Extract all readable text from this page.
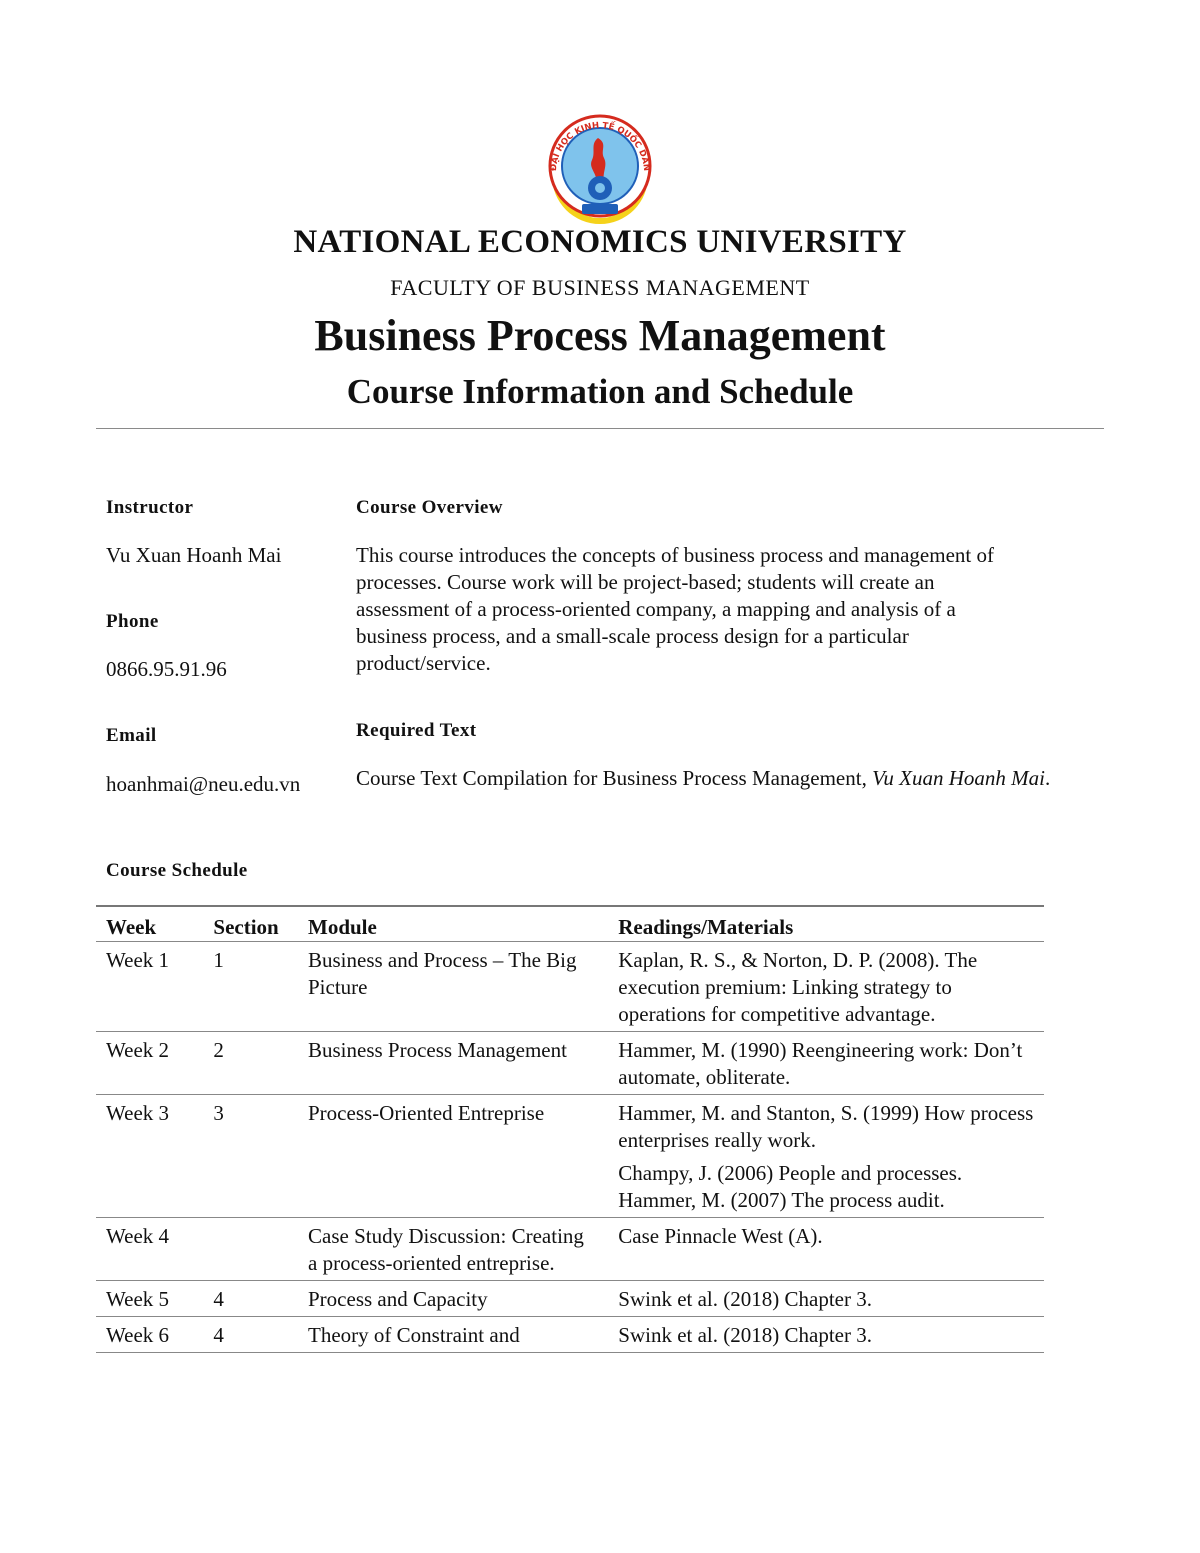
ĐẠI HỌC KINH TẾ QUỐC DÂN
NATIONAL ECONOMICS UNIVERSITY
FACULTY OF BUSINESS MANAGEMENT
Business Process Management
Course Information and Schedule
Instructor
Vu Xuan Hoanh Mai
Phone
0866.95.91.96
Email
hoanhmai@neu.edu.vn
Course Overview
This course introduces the concepts of business process and management of
processes. Course work will be project-based; students will create an
assessment of a process-oriented company, a mapping and analysis of a
business process, and a small-scale process design for a particular
product/service.
Required Text
Course Text Compilation for Business Process Management, Vu Xuan Hoanh Mai.
Course Schedule
Week	Section	Module	Readings/Materials
Week 1	1	Business and Process – The Big Picture	Kaplan, R. S., & Norton, D. P. (2008). The execution premium: Linking strategy to operations for competitive advantage.

Week 2	2	Business Process Management	Hammer, M. (1990) Reengineering work: Don’t automate, obliterate.

Week 3	3	Process-Oriented Entreprise	Hammer, M. and Stanton, S. (1999) How process enterprises really work.
Champy, J. (2006) People and processes. Hammer, M. (2007) The process audit.

Week 4		Case Study Discussion: Creating a process-oriented entreprise.	Case Pinnacle West (A).

Week 5	4	Process and Capacity	Swink et al. (2018) Chapter 3.

Week 6	4	Theory of Constraint and	Swink et al. (2018) Chapter 3.
